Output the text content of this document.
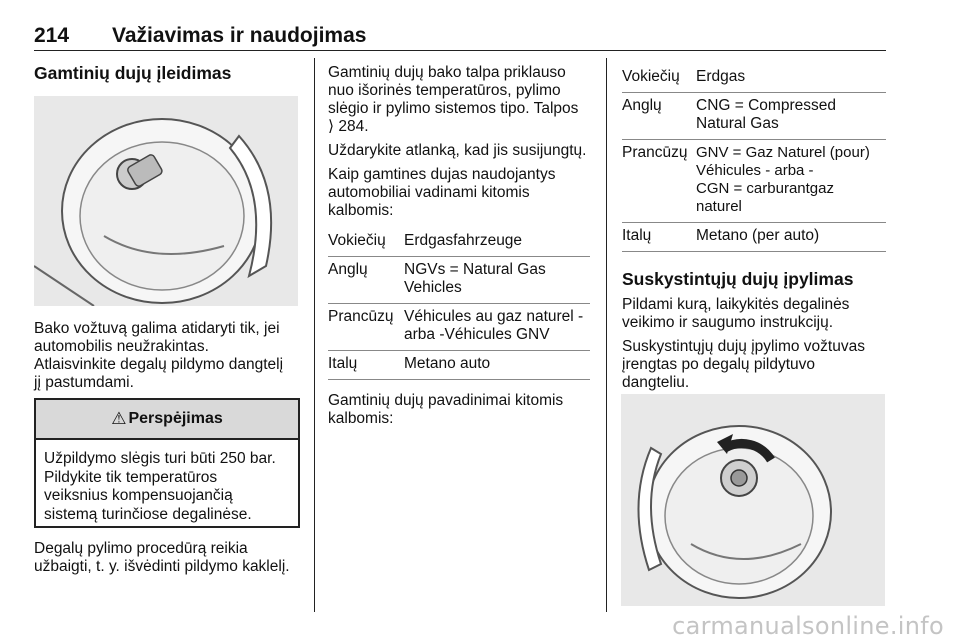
214 Važiavimas ir naudojimas
Gamtinių dujų įleidimas
Bako vožtuvą galima atidaryti tik, jei
automobilis neužrakintas.
Atlaisvinkite degalų pildymo dangtelį
jį pastumdami.
⚠ Perspėjimas
Užpildymo slėgis turi būti 250 bar.
Pildykite tik temperatūros
veiksnius kompensuojančią
sistemą turinčiose degalinėse.
Degalų pylimo procedūrą reikia
užbaigti, t. y. išvėdinti pildymo kaklelį.

Gamtinių dujų bako talpa priklauso
nuo išorinės temperatūros, pylimo
slėgio ir pylimo sistemos tipo. Talpos
⟩ 284.

Uždarykite atlanką, kad jis susijungtų.

Kaip gamtines dujas naudojantys
automobiliai vadinami kitomis
kalbomis:

Vokiečių	Erdgasfahrzeuge
Anglų	NGVs = Natural Gas
Vehicles
Prancūzų	Véhicules au gaz naturel -
arba -Véhicules GNV
Italų	Metano auto

Gamtinių dujų pavadinimai kitomis
kalbomis:

Vokiečių	Erdgas
Anglų	CNG = Compressed
Natural Gas
Prancūzų	GNV = Gaz Naturel (pour)
Véhicules - arba -
CGN = carburantgaz
naturel
Italų	Metano (per auto)
Suskystintųjų dujų įpylimas

Pildami kurą, laikykitės degalinės
veikimo ir saugumo instrukcijų.

Suskystintųjų dujų įpylimo vožtuvas
įrengtas po degalų pildytuvo
dangteliu.

carmanualsonline.info
